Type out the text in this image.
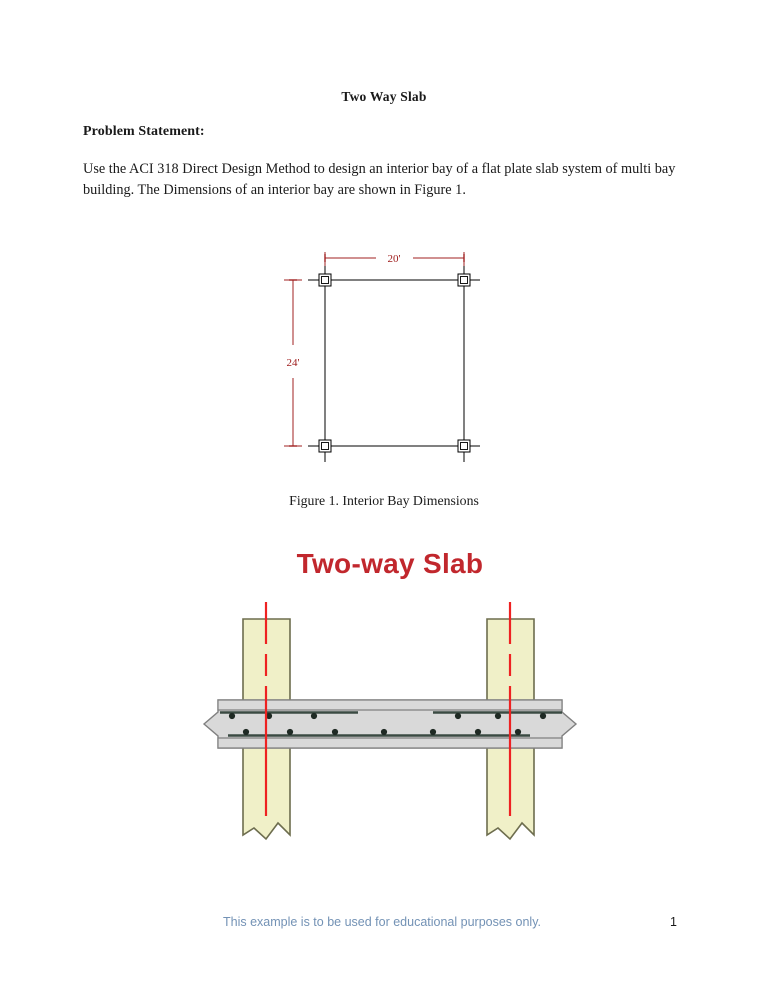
Two Way Slab
Problem Statement:
Use the ACI 318 Direct Design Method to design an interior bay of a flat plate slab system of multi bay building. The Dimensions of an interior bay are shown in Figure 1.
20'
24'
Figure 1. Interior Bay Dimensions
Two-way Slab
This example is to be used for educational purposes only.	1
